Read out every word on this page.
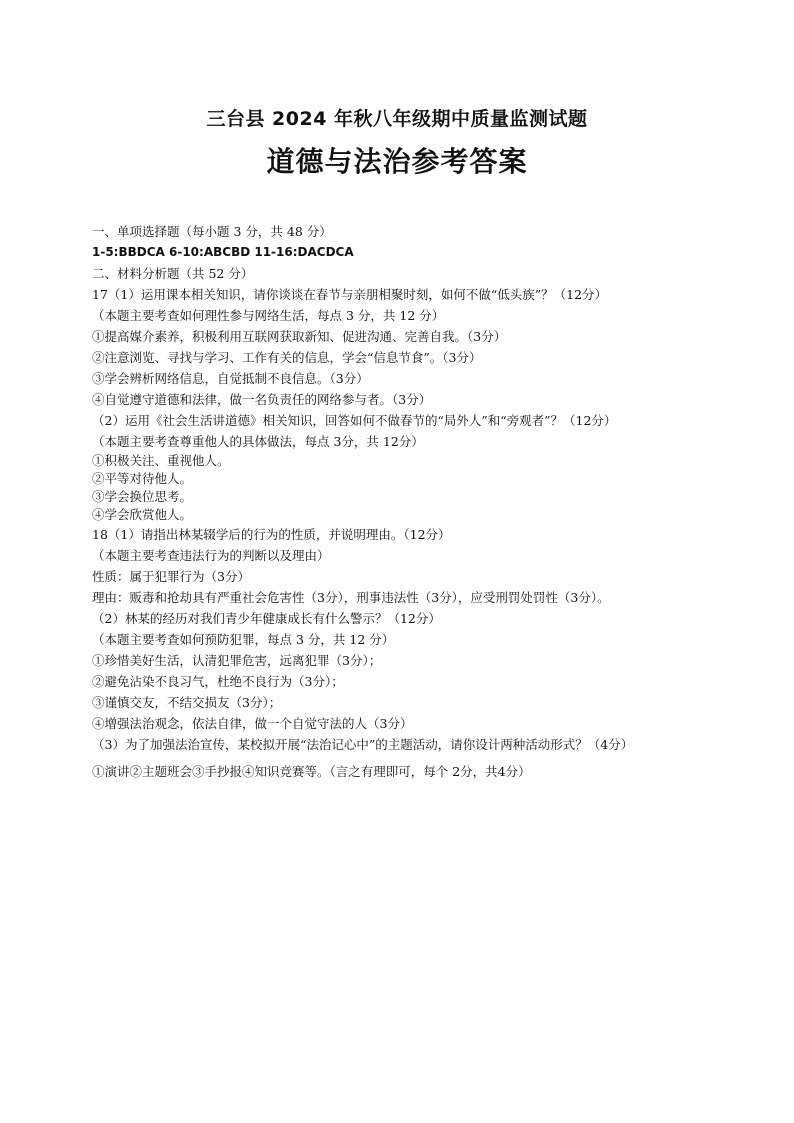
三台县 2024 年秋八年级期中质量监测试题
道德与法治参考答案
一、单项选择题（每小题 3 分，共 48 分）
1-5:BBDCA 6-10:ABCBD 11-16:DACDCA
二、材料分析题（共 52 分）
17（1）运用课本相关知识，请你谈谈在春节与亲朋相聚时刻，如何不做“低头族”？（12分）
（本题主要考查如何理性参与网络生活，每点 3 分，共 12 分）
①提高媒介素养，积极利用互联网获取新知、促进沟通、完善自我。（3分）
②注意浏览、寻找与学习、工作有关的信息，学会“信息节食”。（3分）
③学会辨析网络信息，自觉抵制不良信息。（3分）
④自觉遵守道德和法律，做一名负责任的网络参与者。（3分）
（2）运用《社会生活讲道德》相关知识，回答如何不做春节的“局外人”和“旁观者”？（12分）
（本题主要考查尊重他人的具体做法，每点 3分，共 12分）
①积极关注、重视他人。
②平等对待他人。
③学会换位思考。
④学会欣赏他人。
18（1）请指出林某辍学后的行为的性质，并说明理由。（12分）
（本题主要考查违法行为的判断以及理由）
性质：属于犯罪行为（3分）
理由：贩毒和抢劫具有严重社会危害性（3分），刑事违法性（3分），应受刑罚处罚性（3分）。
（2）林某的经历对我们青少年健康成长有什么警示？（12分）
（本题主要考查如何预防犯罪，每点 3 分，共 12 分）
①珍惜美好生活，认清犯罪危害，远离犯罪（3分）；
②避免沾染不良习气，杜绝不良行为（3分）；
③谨慎交友，不结交损友（3分）；
④增强法治观念，依法自律，做一个自觉守法的人（3分）
（3）为了加强法治宣传，某校拟开展“法治记心中”的主题活动，请你设计两种活动形式？（4分）
①演讲②主题班会③手抄报④知识竞赛等。（言之有理即可，每个 2分，共4分）
